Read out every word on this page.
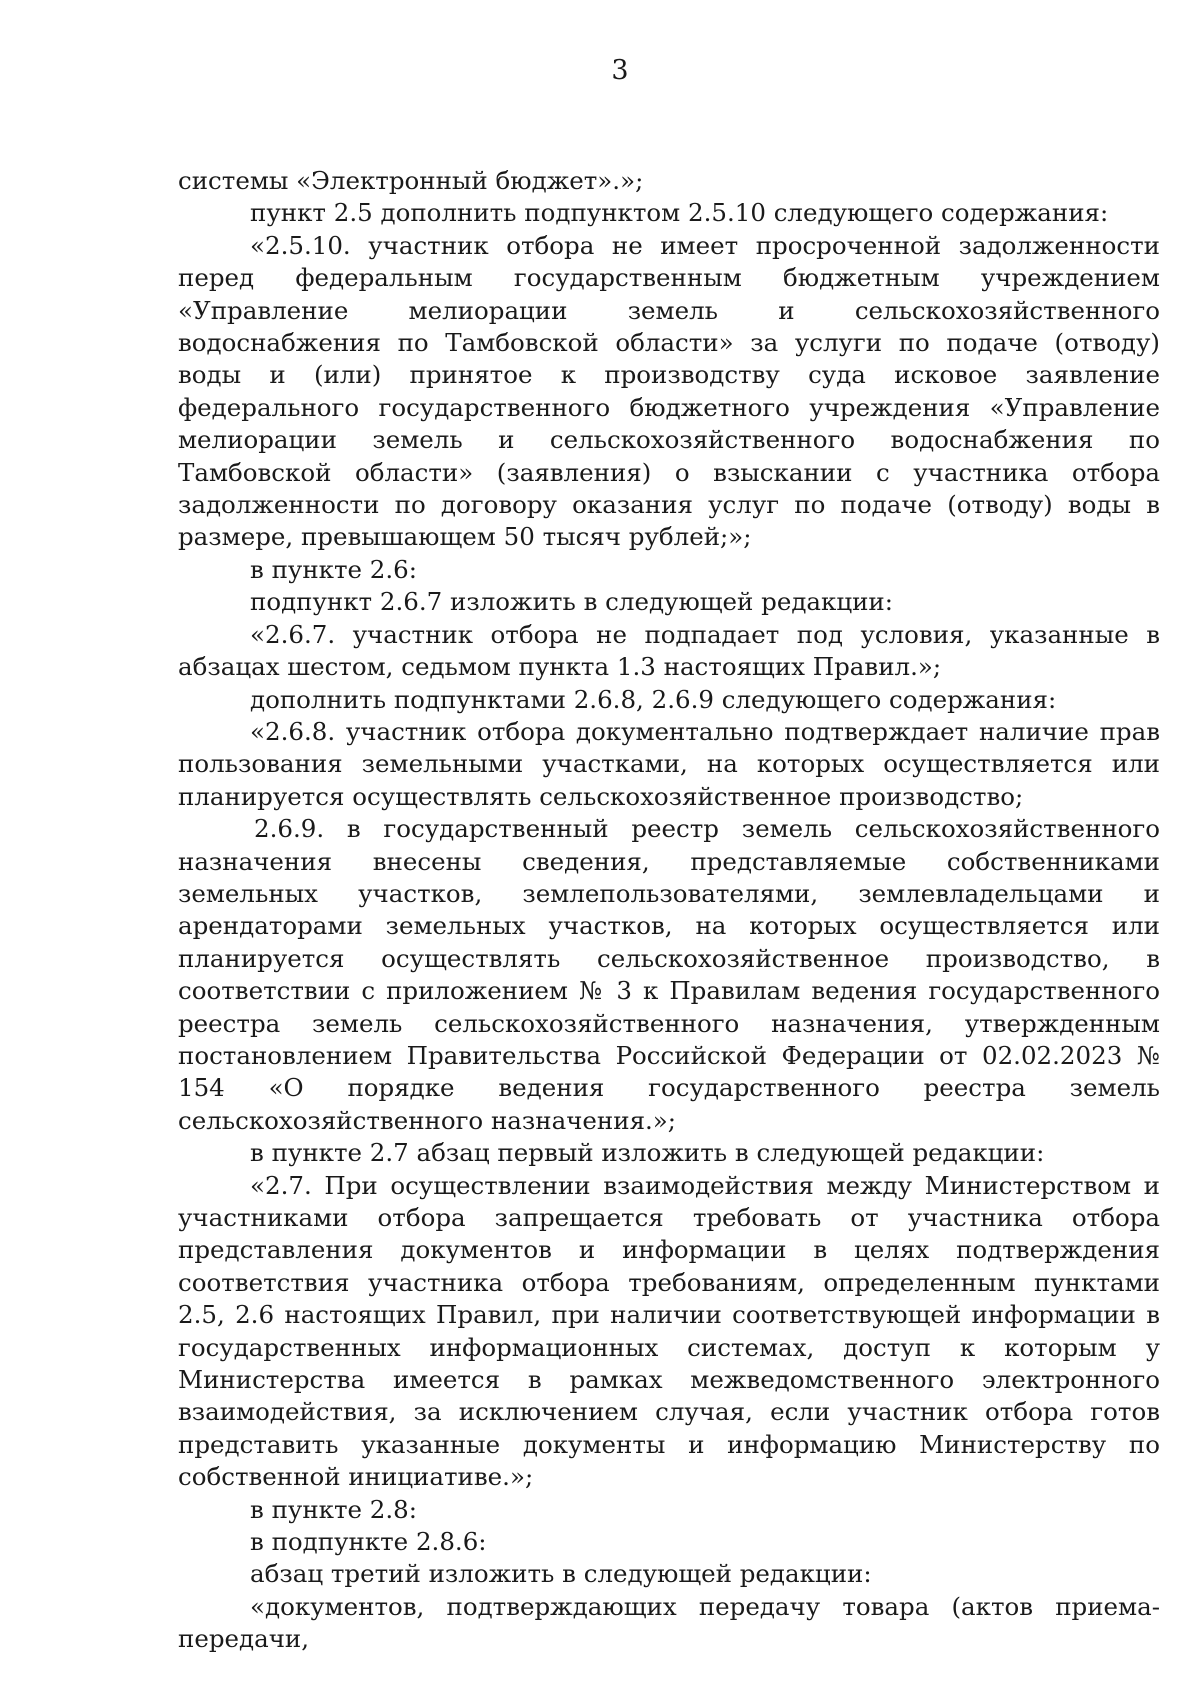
3

системы «Электронный бюджет».»;

пункт 2.5 дополнить подпунктом 2.5.10 следующего содержания:

«2.5.10. участник отбора не имеет просроченной задолженности перед федеральным государственным бюджетным учреждением «Управление мелиорации земель и сельскохозяйственного водоснабжения по Тамбовской области» за услуги по подаче (отводу) воды и (или) принятое к производству суда исковое заявление федерального государственного бюджетного учреждения «Управление мелиорации земель и сельскохозяйственного водоснабжения по Тамбовской области» (заявления) о взыскании с участника отбора задолженности по договору оказания услуг по подаче (отводу) воды в размере, превышающем 50 тысяч рублей;»;

в пункте 2.6:

подпункт 2.6.7 изложить в следующей редакции:

«2.6.7. участник отбора не подпадает под условия, указанные в абзацах шестом, седьмом пункта 1.3 настоящих Правил.»;

дополнить подпунктами 2.6.8, 2.6.9 следующего содержания:

«2.6.8. участник отбора документально подтверждает наличие прав пользования земельными участками, на которых осуществляется или планируется осуществлять сельскохозяйственное производство;

2.6.9. в государственный реестр земель сельскохозяйственного назначения внесены сведения, представляемые собственниками земельных участков, землепользователями, землевладельцами и арендаторами земельных участков, на которых осуществляется или планируется осуществлять сельскохозяйственное производство, в соответствии с приложением № 3 к Правилам ведения государственного реестра земель сельскохозяйственного назначения, утвержденным постановлением Правительства Российской Федерации от 02.02.2023 № 154 «О порядке ведения государственного реестра земель сельскохозяйственного назначения.»;

в пункте 2.7 абзац первый изложить в следующей редакции:

«2.7. При осуществлении взаимодействия между Министерством и участниками отбора запрещается требовать от участника отбора представления документов и информации в целях подтверждения соответствия участника отбора требованиям, определенным пунктами 2.5, 2.6 настоящих Правил, при наличии соответствующей информации в государственных информационных системах, доступ к которым у Министерства имеется в рамках межведомственного электронного взаимодействия, за исключением случая, если участник отбора готов представить указанные документы и информацию Министерству по собственной инициативе.»;

в пункте 2.8:

в подпункте 2.8.6:

абзац третий изложить в следующей редакции:

«документов, подтверждающих передачу товара (актов приема-передачи,
